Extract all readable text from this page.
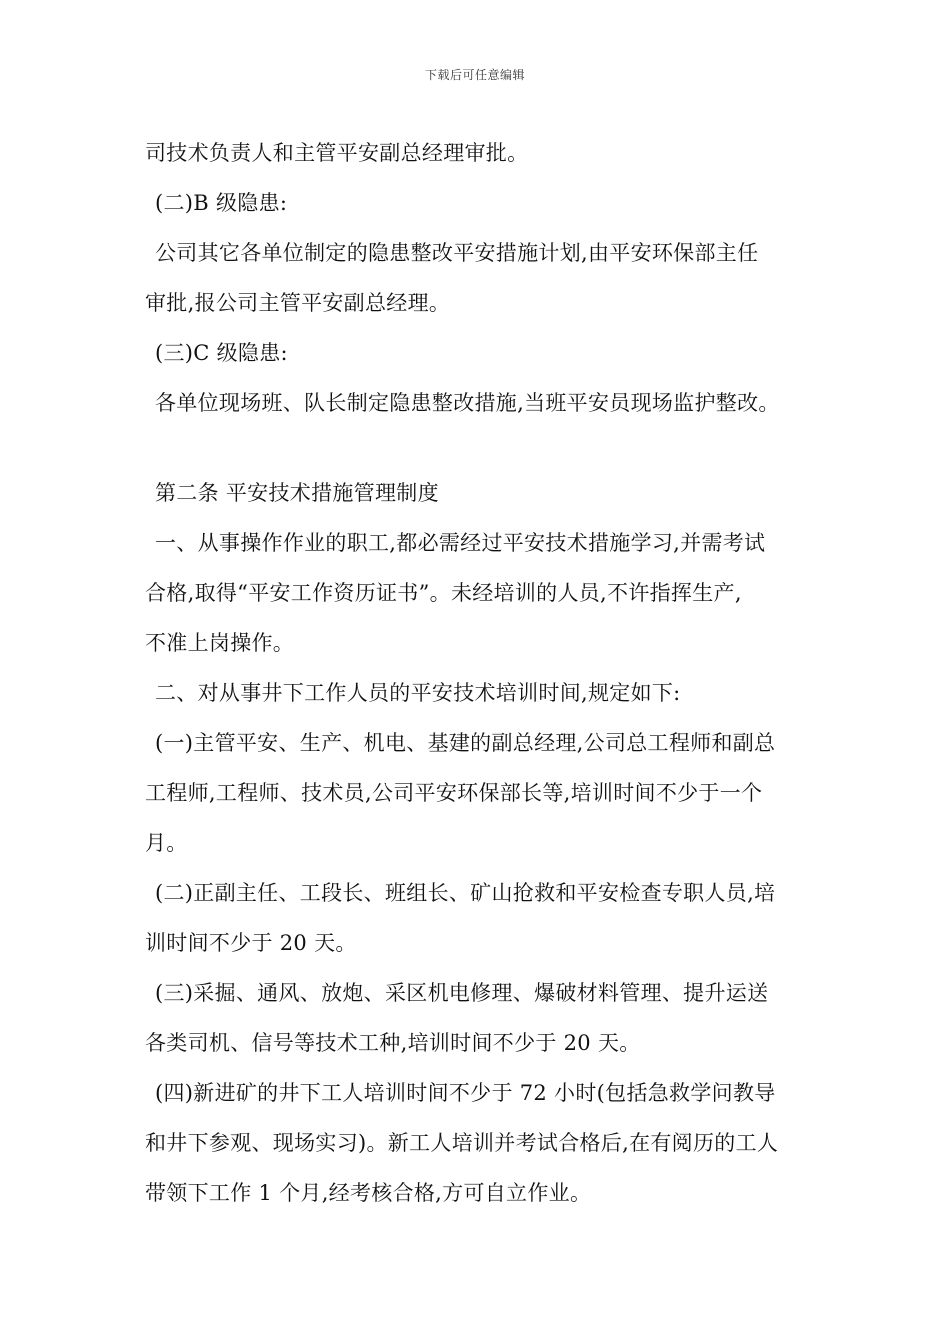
下载后可任意编辑
司技术负责人和主管平安副总经理审批。
(二)B 级隐患:
公司其它各单位制定的隐患整改平安措施计划,由平安环保部主任
审批,报公司主管平安副总经理。
(三)C 级隐患:
各单位现场班、队长制定隐患整改措施,当班平安员现场监护整改。
第二条 平安技术措施管理制度
一、从事操作作业的职工,都必需经过平安技术措施学习,并需考试
合格,取得“平安工作资历证书”。未经培训的人员,不许指挥生产,
不准上岗操作。
二、对从事井下工作人员的平安技术培训时间,规定如下:
(一)主管平安、生产、机电、基建的副总经理,公司总工程师和副总
工程师,工程师、技术员,公司平安环保部长等,培训时间不少于一个
月。
(二)正副主任、工段长、班组长、矿山抢救和平安检查专职人员,培
训时间不少于 20 天。
(三)采掘、通风、放炮、采区机电修理、爆破材料管理、提升运送
各类司机、信号等技术工种,培训时间不少于 20 天。
(四)新进矿的井下工人培训时间不少于 72 小时(包括急救学问教导
和井下参观、现场实习)。新工人培训并考试合格后,在有阅历的工人
带领下工作 1 个月,经考核合格,方可自立作业。
